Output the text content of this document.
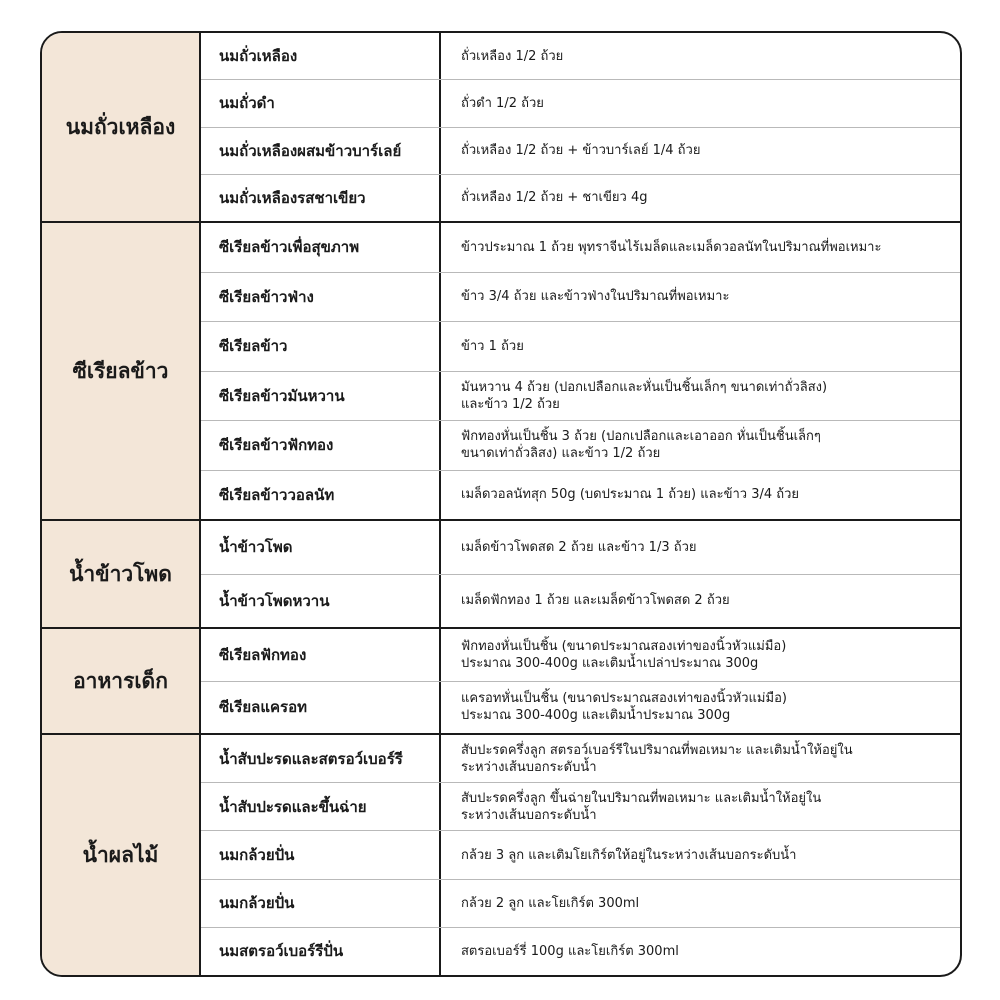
นมถั่วเหลือง
นมถั่วเหลือง	ถั่วเหลือง 1/2 ถ้วย
นมถั่วดำ	ถั่วดำ 1/2 ถ้วย
นมถั่วเหลืองผสมข้าวบาร์เลย์	ถั่วเหลือง 1/2 ถ้วย + ข้าวบาร์เลย์ 1/4 ถ้วย
นมถั่วเหลืองรสชาเขียว	ถั่วเหลือง 1/2 ถ้วย + ชาเขียว 4g
ซีเรียลข้าว
ซีเรียลข้าวเพื่อสุขภาพ	ข้าวประมาณ 1 ถ้วย พุทราจีนไร้เมล็ดและเมล็ดวอลนัทในปริมาณที่พอเหมาะ
ซีเรียลข้าวฟ่าง	ข้าว 3/4 ถ้วย และข้าวฟ่างในปริมาณที่พอเหมาะ
ซีเรียลข้าว	ข้าว 1 ถ้วย
ซีเรียลข้าวมันหวาน	มันหวาน 4 ถ้วย (ปอกเปลือกและหั่นเป็นชิ้นเล็กๆ ขนาดเท่าถั่วลิสง)
และข้าว 1/2 ถ้วย
ซีเรียลข้าวฟักทอง	ฟักทองหั่นเป็นชิ้น 3 ถ้วย (ปอกเปลือกและเอาออก หั่นเป็นชิ้นเล็กๆ
ขนาดเท่าถั่วลิสง) และข้าว 1/2 ถ้วย
ซีเรียลข้าววอลนัท	เมล็ดวอลนัทสุก 50g (บดประมาณ 1 ถ้วย) และข้าว 3/4 ถ้วย
น้ำข้าวโพด
น้ำข้าวโพด	เมล็ดข้าวโพดสด 2 ถ้วย และข้าว 1/3 ถ้วย
น้ำข้าวโพดหวาน	เมล็ดฟักทอง 1 ถ้วย และเมล็ดข้าวโพดสด 2 ถ้วย
อาหารเด็ก
ซีเรียลฟักทอง	ฟักทองหั่นเป็นชิ้น (ขนาดประมาณสองเท่าของนิ้วหัวแม่มือ)
ประมาณ 300-400g และเติมน้ำเปล่าประมาณ 300g
ซีเรียลแครอท	แครอทหั่นเป็นชิ้น (ขนาดประมาณสองเท่าของนิ้วหัวแม่มือ)
ประมาณ 300-400g และเติมน้ำประมาณ 300g
น้ำผลไม้
น้ำสับปะรดและสตรอว์เบอร์รี	สับปะรดครึ่งลูก สตรอว์เบอร์รีในปริมาณที่พอเหมาะ และเติมน้ำให้อยู่ใน
ระหว่างเส้นบอกระดับน้ำ
น้ำสับปะรดและขึ้นฉ่าย	สับปะรดครึ่งลูก ขึ้นฉ่ายในปริมาณที่พอเหมาะ และเติมน้ำให้อยู่ใน
ระหว่างเส้นบอกระดับน้ำ
นมกล้วยปั่น	กล้วย 3 ลูก และเติมโยเกิร์ตให้อยู่ในระหว่างเส้นบอกระดับน้ำ
นมกล้วยปั่น	กล้วย 2 ลูก และโยเกิร์ต 300ml
นมสตรอว์เบอร์รีปั่น	สตรอเบอร์รี่ 100g และโยเกิร์ต 300ml
